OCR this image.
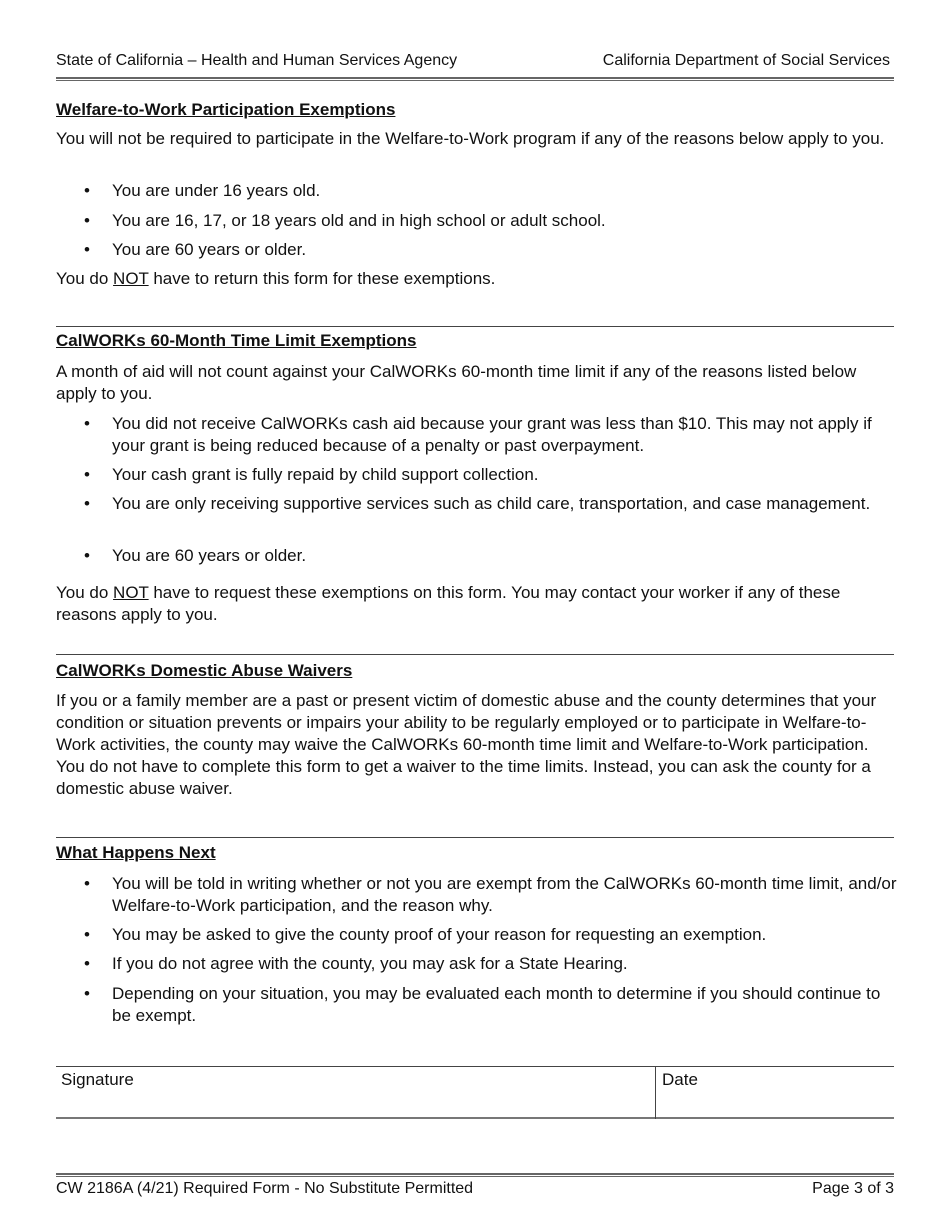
State of California – Health and Human Services Agency	California Department of Social Services
Welfare-to-Work Participation Exemptions
You will not be required to participate in the Welfare-to-Work program if any of the reasons below apply to you.
• You are under 16 years old.
• You are 16, 17, or 18 years old and in high school or adult school.
• You are 60 years or older.
You do NOT have to return this form for these exemptions.
CalWORKs 60-Month Time Limit Exemptions
A month of aid will not count against your CalWORKs 60-month time limit if any of the reasons listed below apply to you.
• You did not receive CalWORKs cash aid because your grant was less than $10. This may not apply if your grant is being reduced because of a penalty or past overpayment.
• Your cash grant is fully repaid by child support collection.
• You are only receiving supportive services such as child care, transportation, and case management.
• You are 60 years or older.
You do NOT have to request these exemptions on this form. You may contact your worker if any of these reasons apply to you.
CalWORKs Domestic Abuse Waivers
If you or a family member are a past or present victim of domestic abuse and the county determines that your condition or situation prevents or impairs your ability to be regularly employed or to participate in Welfare-to-Work activities, the county may waive the CalWORKs 60-month time limit and Welfare-to-Work participation. You do not have to complete this form to get a waiver to the time limits. Instead, you can ask the county for a domestic abuse waiver.
What Happens Next
• You will be told in writing whether or not you are exempt from the CalWORKs 60-month time limit, and/or Welfare-to-Work participation, and the reason why.
• You may be asked to give the county proof of your reason for requesting an exemption.
• If you do not agree with the county, you may ask for a State Hearing.
• Depending on your situation, you may be evaluated each month to determine if you should continue to be exempt.
Signature	Date
CW 2186A (4/21) Required Form - No Substitute Permitted	Page 3 of 3
